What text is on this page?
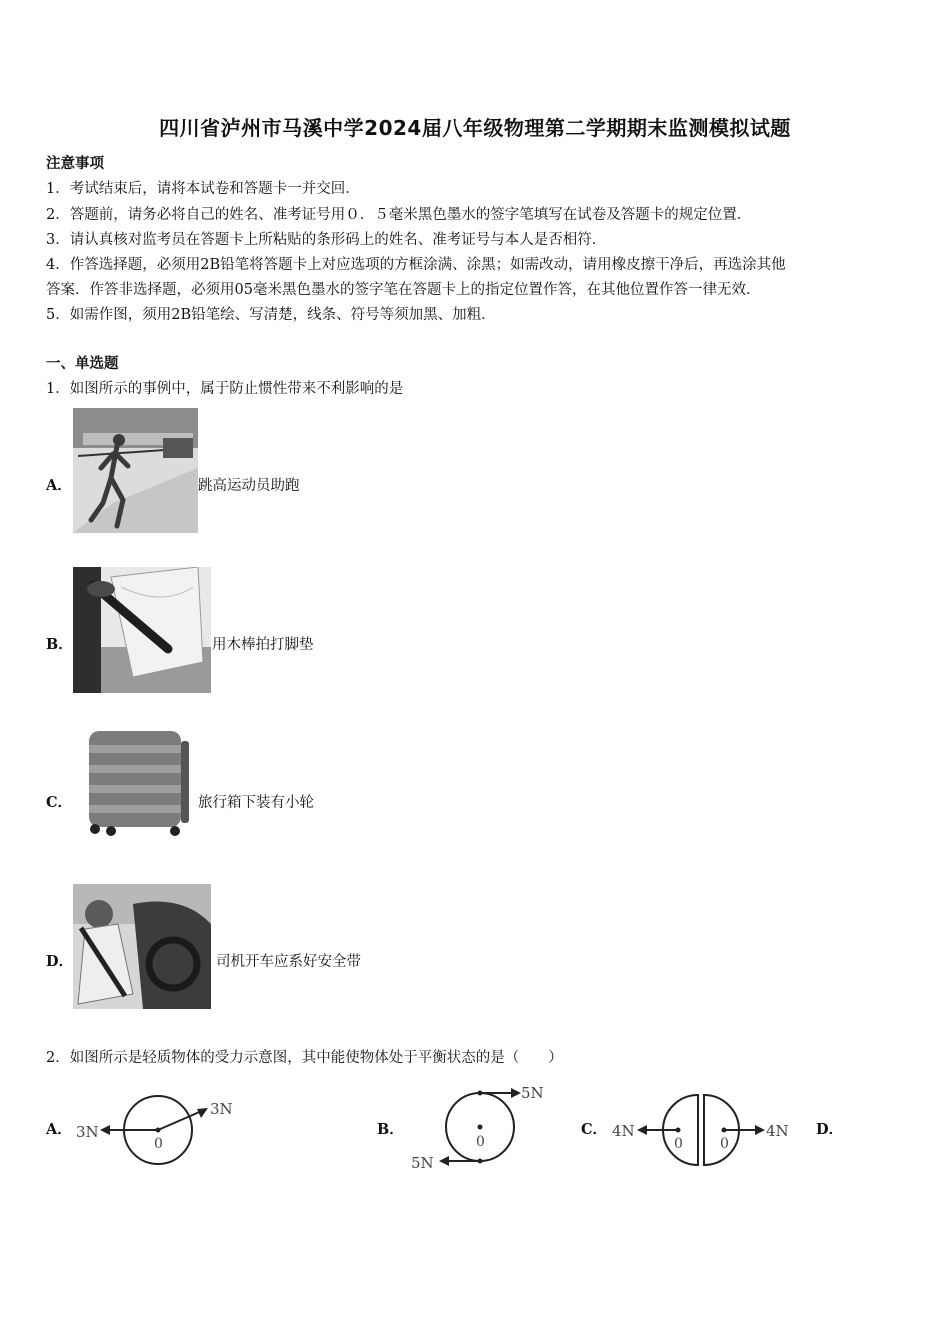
四川省泸州市马溪中学2024届八年级物理第二学期期末监测模拟试题
注意事项
1．考试结束后，请将本试卷和答题卡一并交回．
2．答题前，请务必将自己的姓名、准考证号用０．５毫米黑色墨水的签字笔填写在试卷及答题卡的规定位置．
3．请认真核对监考员在答题卡上所粘贴的条形码上的姓名、准考证号与本人是否相符．
4．作答选择题，必须用2B铅笔将答题卡上对应选项的方框涂满、涂黑；如需改动，请用橡皮擦干净后，再选涂其他
答案．作答非选择题，必须用05毫米黑色墨水的签字笔在答题卡上的指定位置作答，在其他位置作答一律无效．
5．如需作图，须用2B铅笔绘、写清楚，线条、符号等须加黑、加粗．
一、单选题
1．如图所示的事例中，属于防止惯性带来不利影响的是
A．	跳高运动员助跑
B．	用木棒拍打脚垫
C．	旅行箱下装有小轮
D．	司机开车应系好安全带
2．如图所示是轻质物体的受力示意图，其中能使物体处于平衡状态的是（　　）
A． 3N
3N
0
B．
5N
5N
0
C． 4N	4N
0	0
D．
